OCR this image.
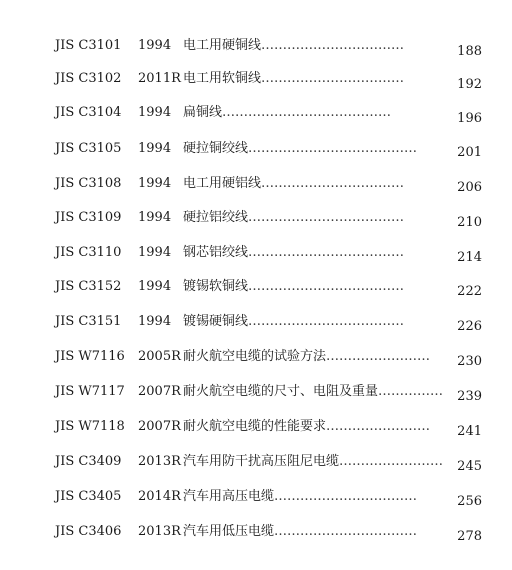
JIS C3101 1994 电工用硬铜线……………………………	188
JIS C3102 2011R 电工用软铜线……………………………	192
JIS C3104 1994 扁铜线…………………………………	196
JIS C3105 1994 硬拉铜绞线…………………………………	201
JIS C3108 1994 电工用硬铝线……………………………	206
JIS C3109 1994 硬拉铝绞线………………………………	210
JIS C3110 1994 钢芯铝绞线………………………………	214
JIS C3152 1994 镀锡软铜线………………………………	222
JIS C3151 1994 镀锡硬铜线………………………………	226
JIS W7116 2005R 耐火航空电缆的试验方法…………………… 230
JIS W7117 2007R 耐火航空电缆的尺寸、电阻及重量…………… 239
JIS W7118 2007R 耐火航空电缆的性能要求…………………… 241
JIS C3409 2013R 汽车用防干扰高压阻尼电缆…………………… 245
JIS C3405 2014R 汽车用高压电缆……………………………	256
JIS C3406 2013R 汽车用低压电缆……………………………	278
